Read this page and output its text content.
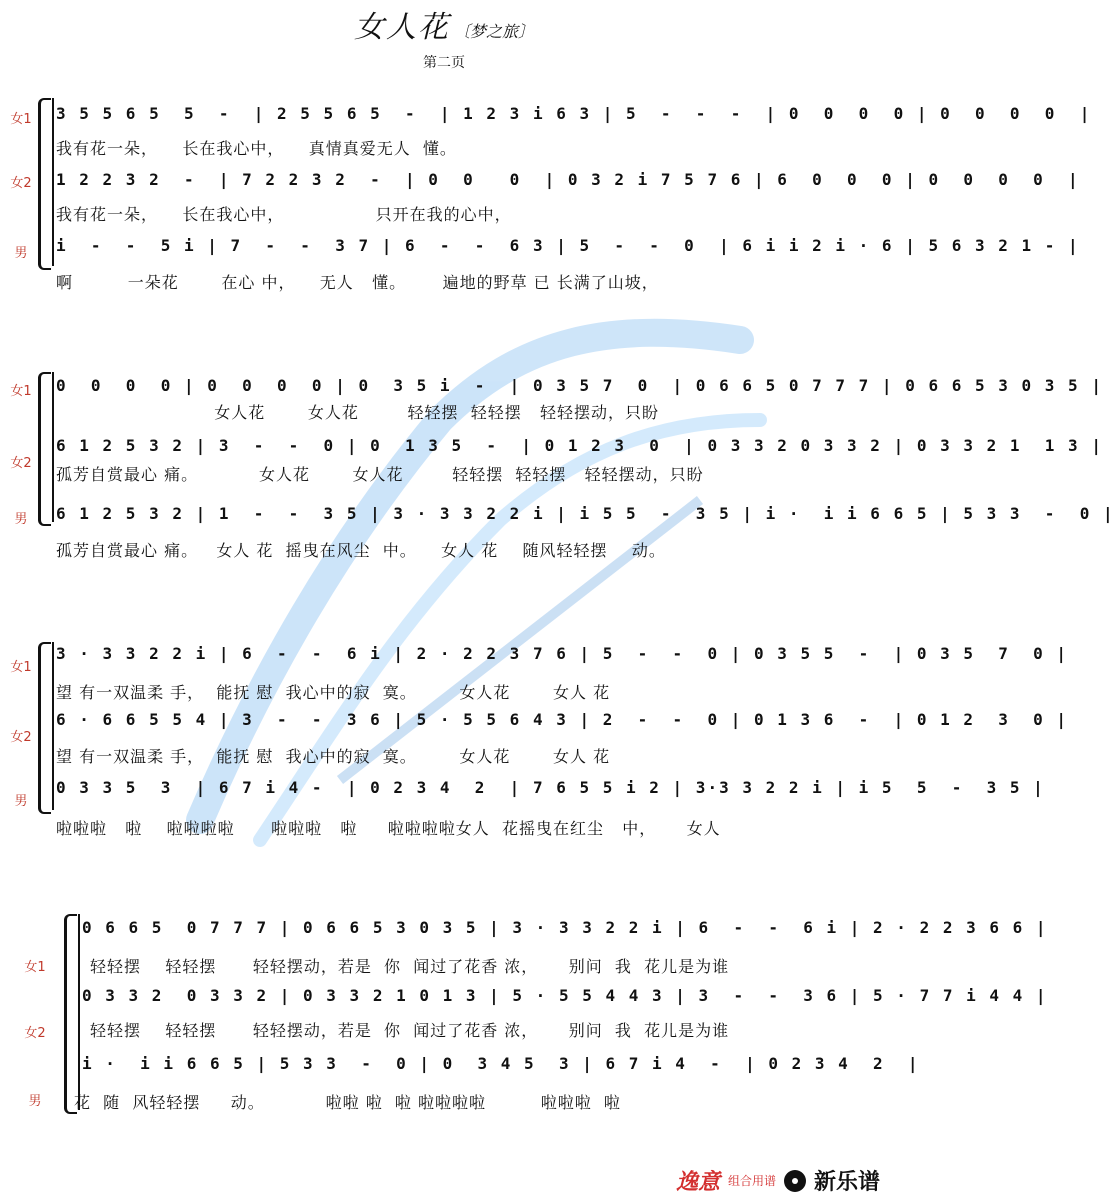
女人花 〔梦之旅〕
第二页
女1 3 5 5 6 5  5  -  | 2 5 5 6 5  -  | 1 2 3 i 6 3 | 5  -  -  -  | 0  0  0  0 | 0  0  0  0  |
我有花一朵，    长在我心中，    真情真爱无人  懂。
女2 1 2 2 3 2  -  | 7 2 2 3 2  -  | 0  0   0  | 0 3 2 i 7 5 7 6 | 6  0  0  0 | 0  0  0  0  |
我有花一朵，    长在我心中，               只开在我的心中，
男	i  -  -  5 i | 7  -  -  3 7 | 6  -  -  6 3 | 5  -  -  0  | 6 i i 2 i · 6 | 5 6 3 2 1 - |
啊         一朵花       在心 中，    无人   懂。      遍地的野草 已 长满了山坡，
女1 0  0  0  0 | 0  0  0  0 | 0  3 5 i  -  | 0 3 5 7  0  | 0 6 6 5 0 7 7 7 | 0 6 6 5 3 0 3 5 |
女人花       女人花        轻轻摆  轻轻摆   轻轻摆动，只盼
女2
6 1 2 5 3 2 | 3  -  -  0 | 0  1 3 5  -  | 0 1 2 3  0  | 0 3 3 2 0 3 3 2 | 0 3 3 2 1  1 3 |
孤芳自赏最心 痛。          女人花       女人花        轻轻摆  轻轻摆   轻轻摆动，只盼
男	6 1 2 5 3 2 | 1  -  -  3 5 | 3 · 3 3 2 2 i | i 5 5  -  3 5 | i ·  i i 6 6 5 | 5 3 3  -  0 |
孤芳自赏最心 痛。   女人 花  摇曳在风尘  中。    女人 花    随风轻轻摆    动。
女1
3 · 3 3 2 2 i | 6  -  -  6 i | 2 · 2 2 3 7 6 | 5  -  -  0 | 0 3 5 5  -  | 0 3 5  7  0 |
望 有一双温柔 手，  能抚 慰  我心中的寂  寞。       女人花       女人 花
女2
6 · 6 6 5 5 4 | 3  -  -  3 6 | 5 · 5 5 6 4 3 | 2  -  -  0 | 0 1 3 6  -  | 0 1 2  3  0 |
望 有一双温柔 手，  能抚 慰  我心中的寂  寞。       女人花       女人 花
男
0 3 3 5  3  | 6 7 i 4 -  | 0 2 3 4  2  | 7 6 5 5 i 2 | 3·3 3 2 2 i | i 5  5  -  3 5 |
啦啦啦   啦    啦啦啦啦      啦啦啦   啦     啦啦啦啦女人  花摇曳在红尘   中，     女人
女1
0 6 6 5  0 7 7 7 | 0 6 6 5 3 0 3 5 | 3 · 3 3 2 2 i | 6  -  -  6 i | 2 · 2 2 3 6 6 |
轻轻摆    轻轻摆      轻轻摆动，若是  你  闻过了花香 浓，     别问  我  花儿是为谁
女2
0 3 3 2  0 3 3 2 | 0 3 3 2 1 0 1 3 | 5 · 5 5 4 4 3 | 3  -  -  3 6 | 5 · 7 7 i 4 4 |
轻轻摆    轻轻摆      轻轻摆动，若是  你  闻过了花香 浓，     别问  我  花儿是为谁
男
i ·  i i 6 6 5 | 5 3 3  -  0 | 0  3 4 5  3 | 6 7 i 4  -  | 0 2 3 4  2  |
花  随  风轻轻摆     动。          啦啦 啦  啦 啦啦啦啦         啦啦啦  啦
逸意 组合用谱 新乐谱
